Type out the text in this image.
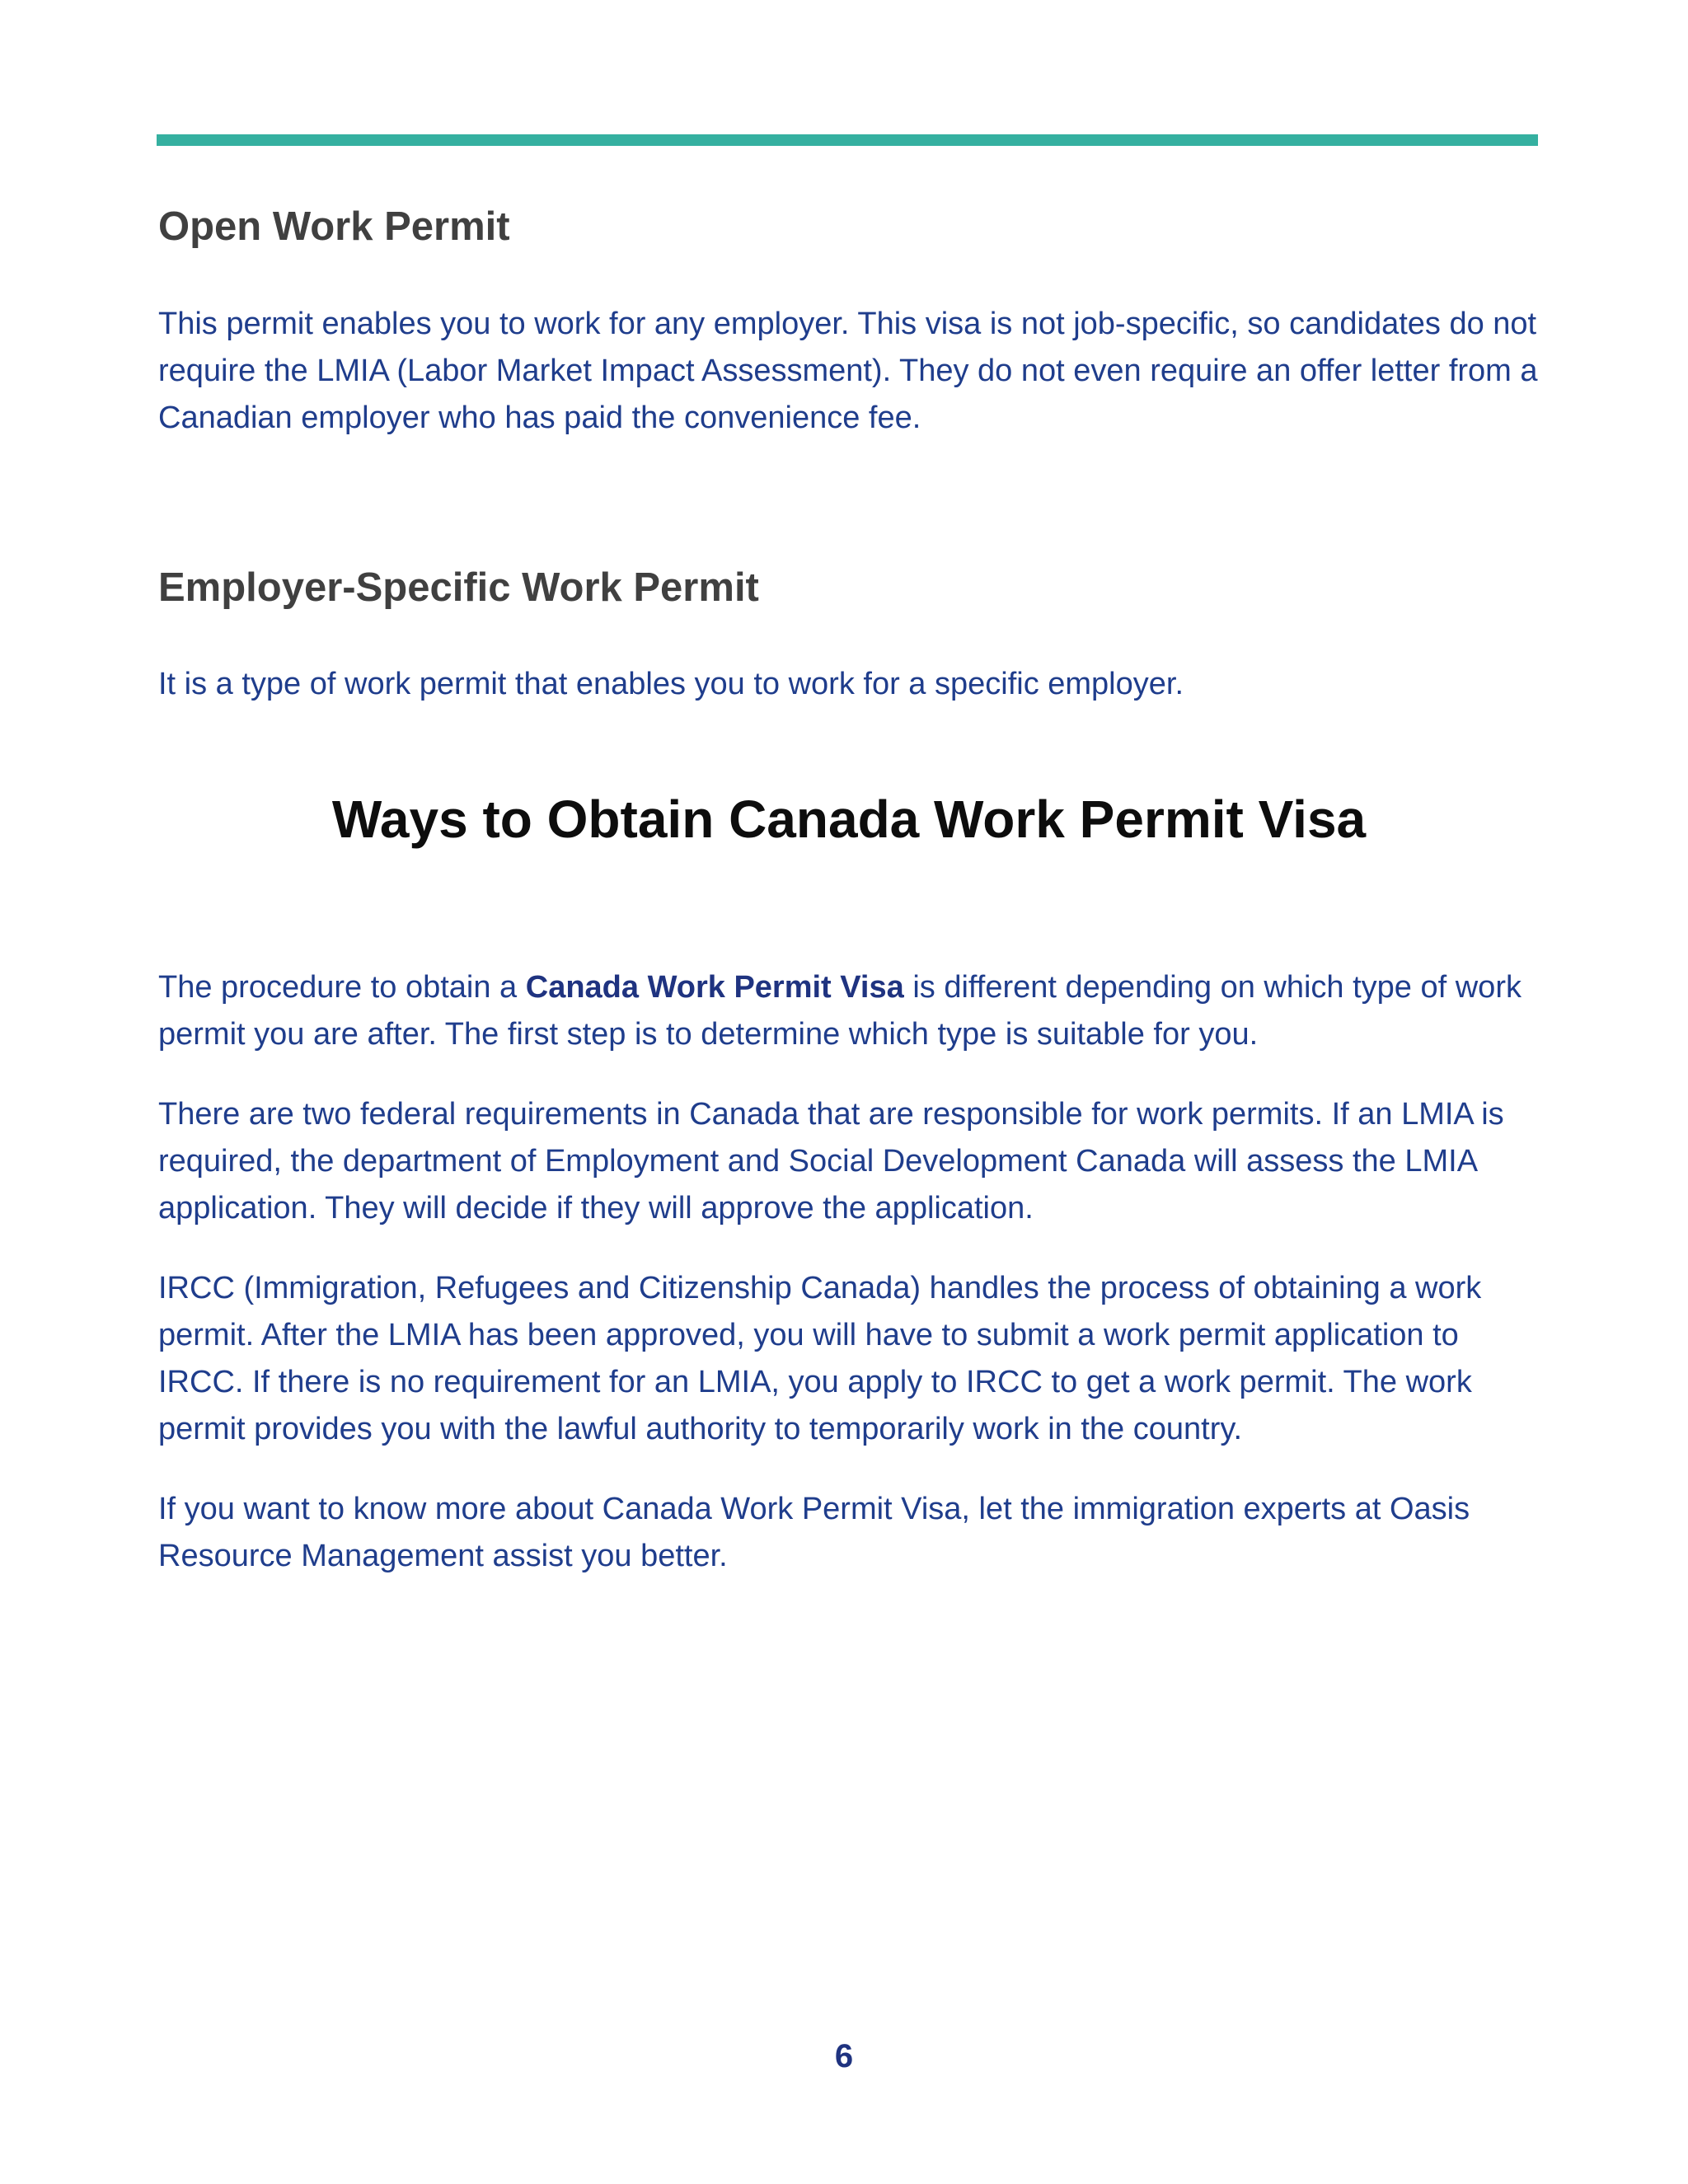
Open Work Permit

This permit enables you to work for any employer. This visa is not job-specific, so candidates do not require the LMIA (Labor Market Impact Assessment). They do not even require an offer letter from a Canadian employer who has paid the convenience fee.

Employer-Specific Work Permit

It is a type of work permit that enables you to work for a specific employer.

Ways to Obtain Canada Work Permit Visa

The procedure to obtain a Canada Work Permit Visa is different depending on which type of work permit you are after. The first step is to determine which type is suitable for you.

There are two federal requirements in Canada that are responsible for work permits. If an LMIA is required, the department of Employment and Social Development Canada will assess the LMIA application. They will decide if they will approve the application.

IRCC (Immigration, Refugees and Citizenship Canada) handles the process of obtaining a work permit. After the LMIA has been approved, you will have to submit a work permit application to IRCC. If there is no requirement for an LMIA, you apply to IRCC to get a work permit. The work permit provides you with the lawful authority to temporarily work in the country.

If you want to know more about Canada Work Permit Visa, let the immigration experts at Oasis Resource Management assist you better.

6
